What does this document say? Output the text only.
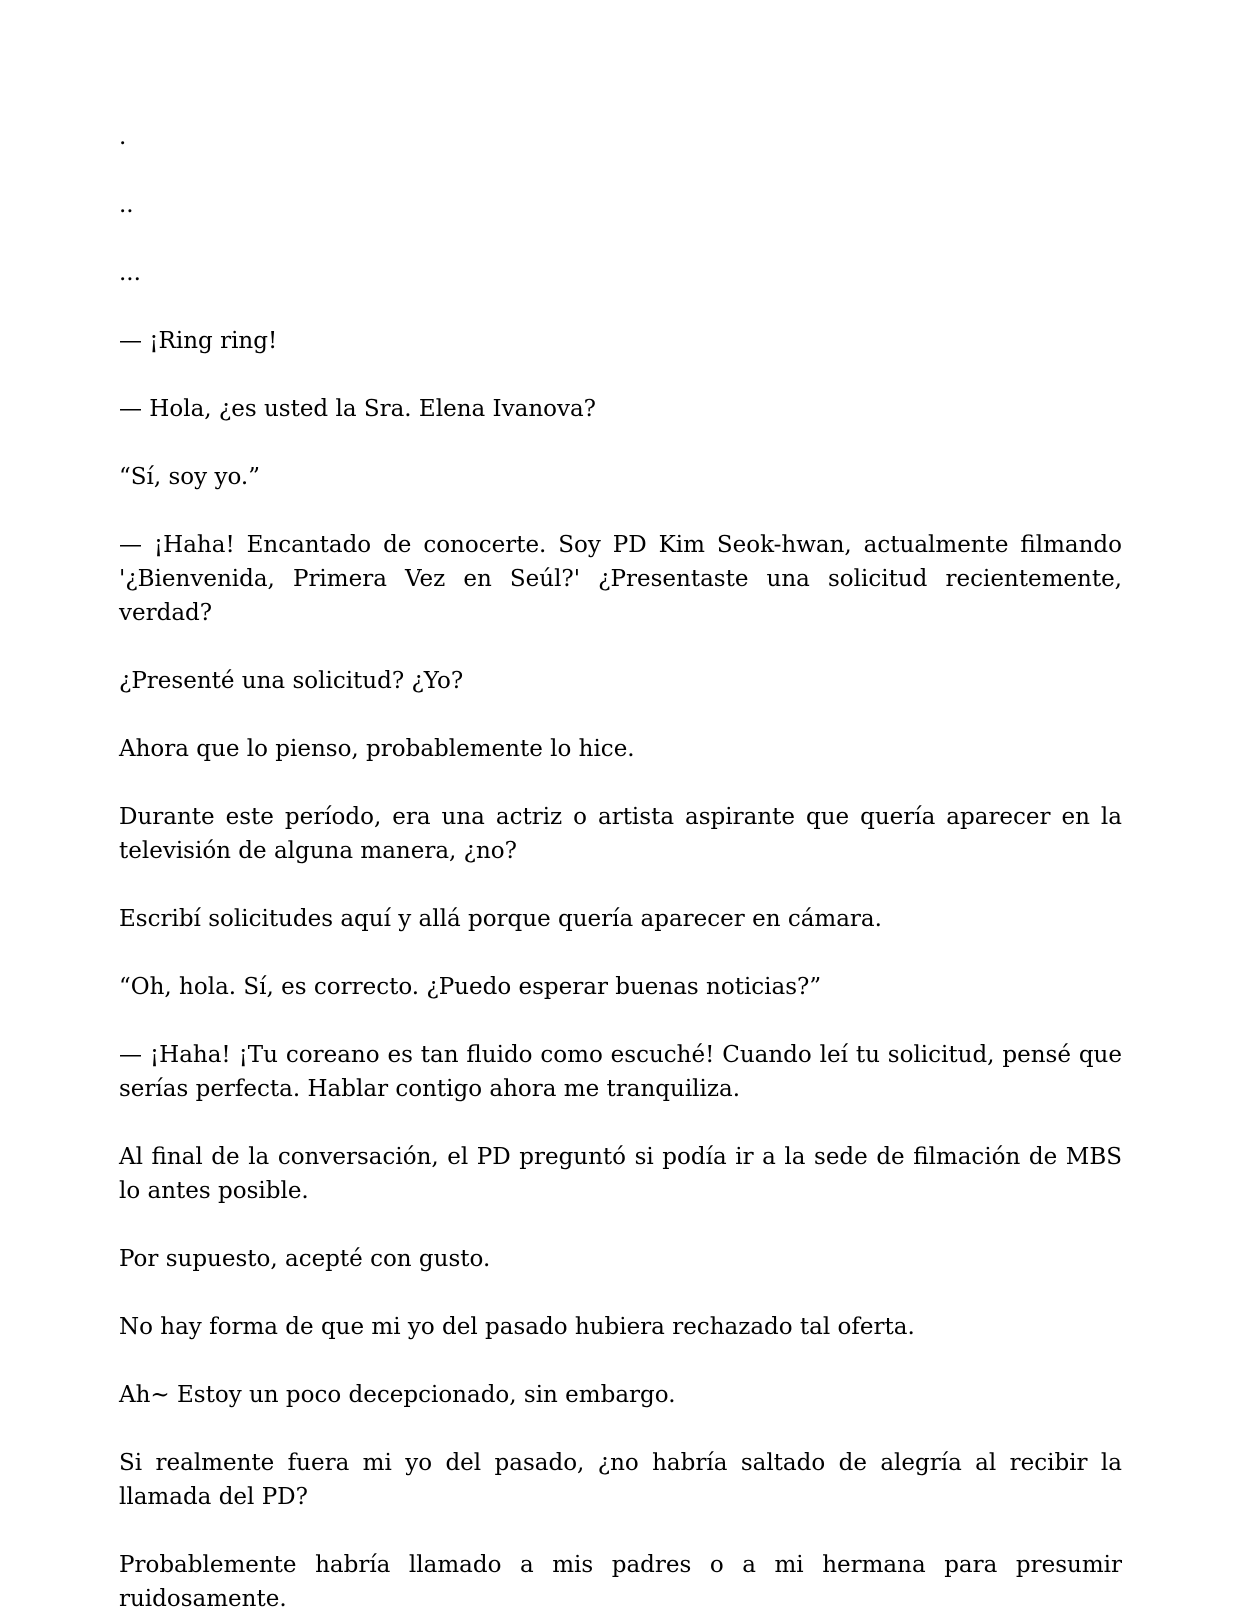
.

..

...

— ¡Ring ring!

— Hola, ¿es usted la Sra. Elena Ivanova?

“Sí, soy yo.”

— ¡Haha! Encantado de conocerte. Soy PD Kim Seok-hwan, actualmente filmando '¿Bienvenida, Primera Vez en Seúl?' ¿Presentaste una solicitud recientemente, verdad?

¿Presenté una solicitud? ¿Yo?

Ahora que lo pienso, probablemente lo hice.

Durante este período, era una actriz o artista aspirante que quería aparecer en la televisión de alguna manera, ¿no?

Escribí solicitudes aquí y allá porque quería aparecer en cámara.

“Oh, hola. Sí, es correcto. ¿Puedo esperar buenas noticias?”

— ¡Haha! ¡Tu coreano es tan fluido como escuché! Cuando leí tu solicitud, pensé que serías perfecta. Hablar contigo ahora me tranquiliza.

Al final de la conversación, el PD preguntó si podía ir a la sede de filmación de MBS lo antes posible.

Por supuesto, acepté con gusto.

No hay forma de que mi yo del pasado hubiera rechazado tal oferta.

Ah~ Estoy un poco decepcionado, sin embargo.

Si realmente fuera mi yo del pasado, ¿no habría saltado de alegría al recibir la llamada del PD?

Probablemente habría llamado a mis padres o a mi hermana para presumir ruidosamente.
